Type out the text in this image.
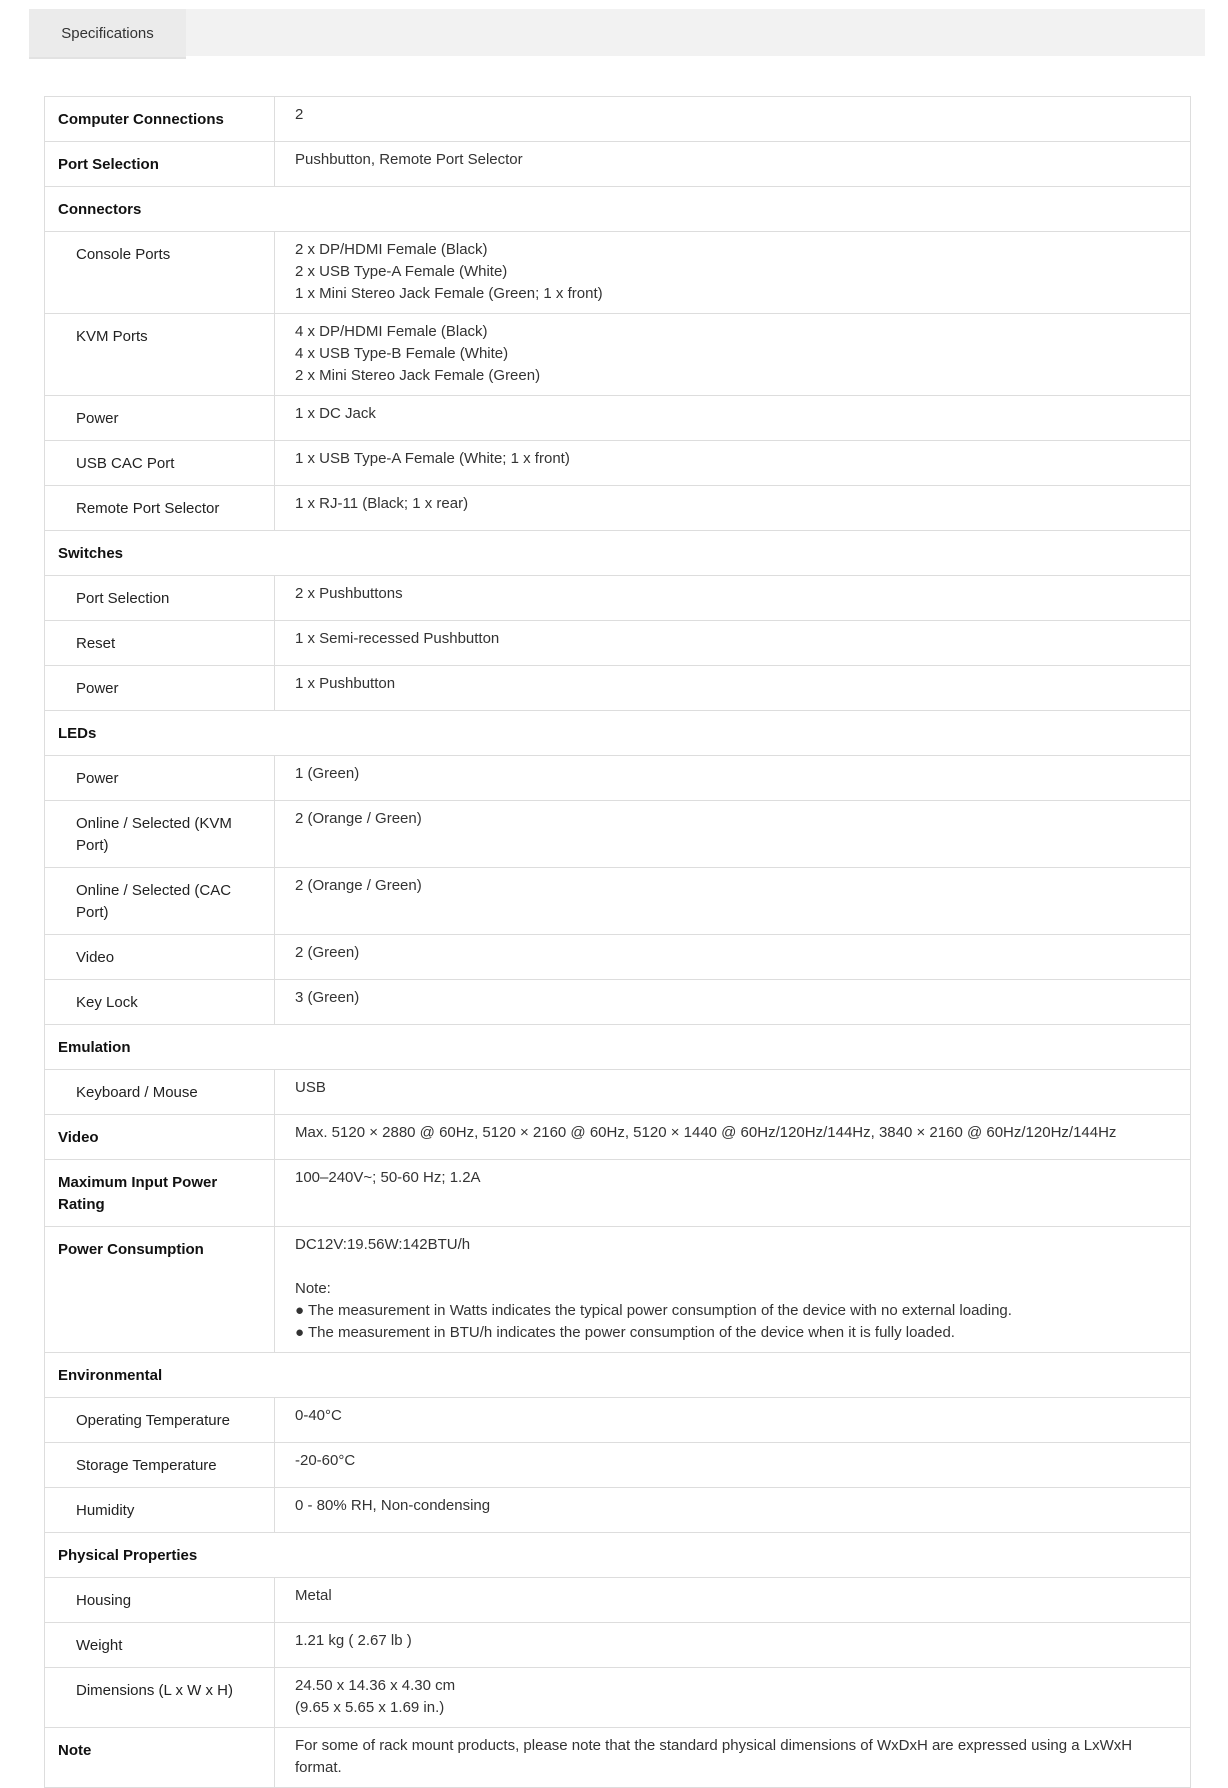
Specifications
Computer Connections	2

Port Selection	Pushbutton, Remote Port Selector

Connectors	
Console Ports	2 x DP/HDMI Female (Black)
2 x USB Type-A Female (White)
1 x Mini Stereo Jack Female (Green; 1 x front)

KVM Ports	4 x DP/HDMI Female (Black)
4 x USB Type-B Female (White)
2 x Mini Stereo Jack Female (Green)

Power	1 x DC Jack

USB CAC Port	1 x USB Type-A Female (White; 1 x front)

Remote Port Selector	1 x RJ-11 (Black; 1 x rear)

Switches	
Port Selection	2 x Pushbuttons

Reset	1 x Semi-recessed Pushbutton

Power	1 x Pushbutton

LEDs	
Power	1 (Green)

Online / Selected (KVM Port)	2 (Orange / Green)

Online / Selected (CAC Port)	2 (Orange / Green)

Video	2 (Green)

Key Lock	3 (Green)

Emulation	
Keyboard / Mouse	USB

Video	Max. 5120 × 2880 @ 60Hz, 5120 × 2160 @ 60Hz, 5120 × 1440 @ 60Hz/120Hz/144Hz, 3840 × 2160 @ 60Hz/120Hz/144Hz

Maximum Input Power Rating	100–240V~; 50-60 Hz; 1.2A

Power Consumption	DC12V:19.56W:142BTU/h
Note:
● The measurement in Watts indicates the typical power consumption of the device with no external loading.
● The measurement in BTU/h indicates the power consumption of the device when it is fully loaded.

Environmental	
Operating Temperature	0-40°C

Storage Temperature	-20-60°C

Humidity	0 - 80% RH, Non-condensing

Physical Properties	
Housing	Metal

Weight	1.21 kg ( 2.67 lb )

Dimensions (L x W x H)	24.50 x 14.36 x 4.30 cm
(9.65 x 5.65 x 1.69 in.)

Note	For some of rack mount products, please note that the standard physical dimensions of WxDxH are expressed using a LxWxH format.
